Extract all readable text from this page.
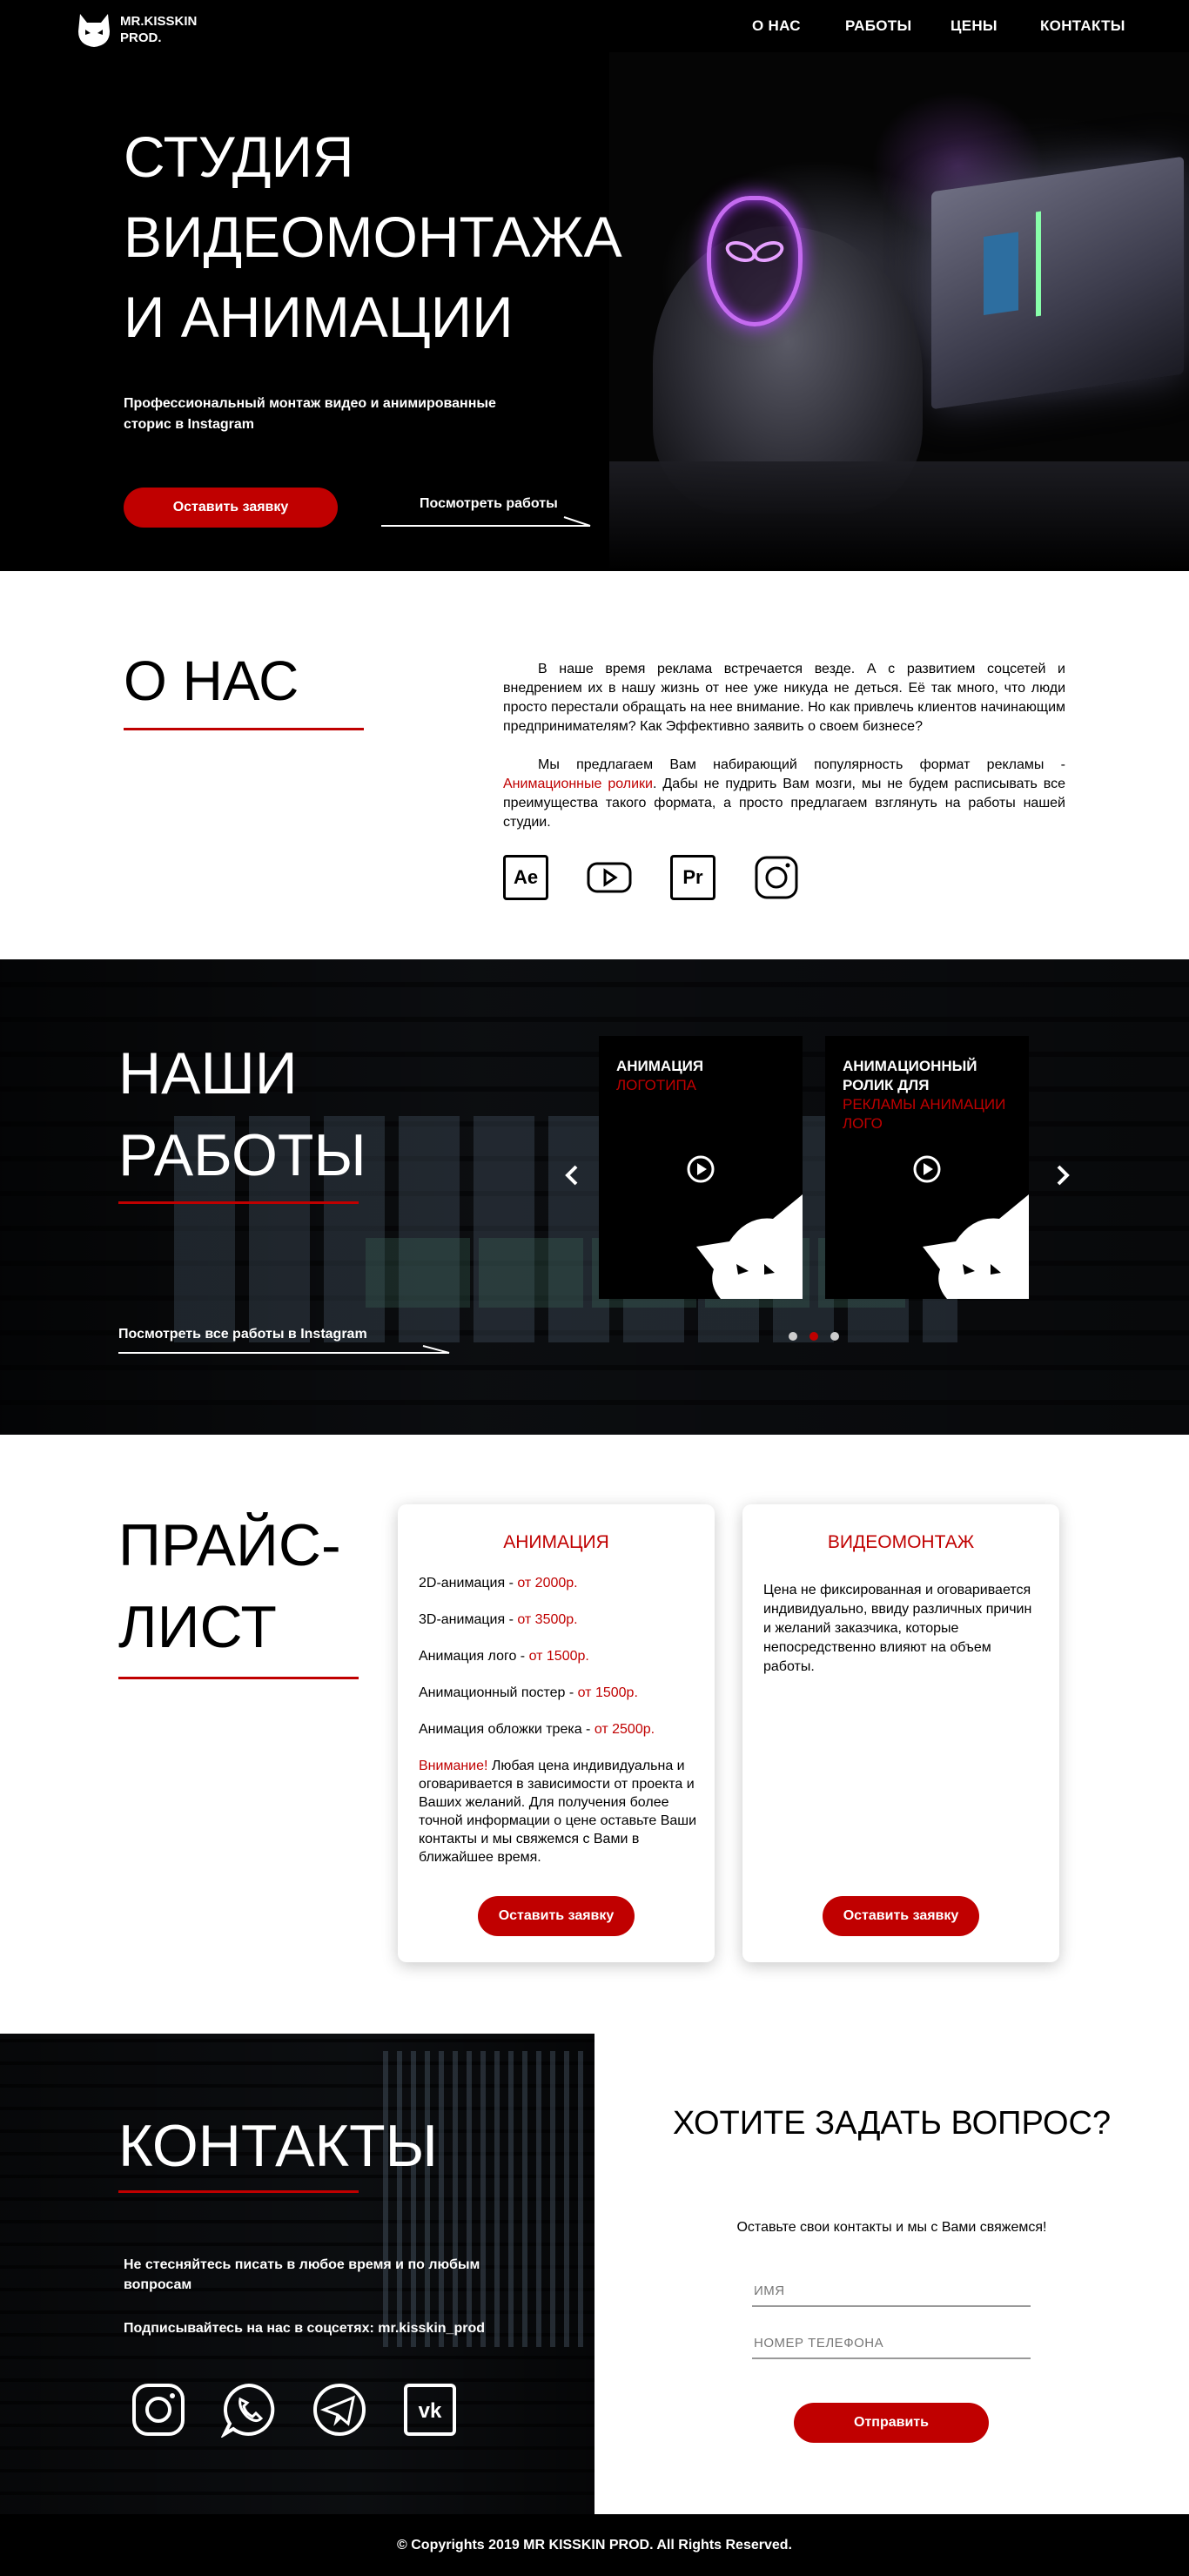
MR.KISSKIN PROD.
О НАС	РАБОТЫ	ЦЕНЫ	КОНТАКТЫ
СТУДИЯ
ВИДЕОМОНТАЖА
И АНИМАЦИИ
Профессиональный монтаж видео и анимированные сторис в Instagram
Оставить заявку	Посмотреть работы
О НАС	В наше время реклама встречается везде. А с развитием соцсетей и внедрением их в нашу жизнь от нее уже никуда не деться. Её так много, что люди просто перестали обращать на нее внимание. Но как привлечь клиентов начинающим предпринимателям? Как Эффективно заявить о своем бизнесе?

Мы предлагаем Вам набирающий популярность формат рекламы - Анимационные ролики. Дабы не пудрить Вам мозги, мы не будем расписывать все преимущества такого формата, а просто предлагаем взглянуть на работы нашей студии.

Ae	Pr
НАШИ
РАБОТЫ
Посмотреть все работы в Instagram
АНИМАЦИЯ
ЛОГОТИПА
АНИМАЦИОННЫЙ РОЛИК ДЛЯ
РЕКЛАМЫ АНИМАЦИИ ЛОГО
ПРАЙС-
ЛИСТ
АНИМАЦИЯ

2D-анимация - от 2000р.

3D-анимация - от 3500р.

Анимация лого - от 1500р.

Анимационный постер - от 1500р.

Анимация обложки трека - от 2500р.

Внимание! Любая цена индивидуальна и оговаривается в зависимости от проекта и Ваших желаний. Для получения более точной информации о цене оставьте Ваши контакты и мы свяжемся с Вами в ближайшее время.

Оставить заявку
ВИДЕОМОНТАЖ
Цена не фиксированная и оговаривается индивидуально, ввиду различных причин и желаний заказчика, которые непосредственно влияют на объем работы.
Оставить заявку
КОНТАКТЫ
Не стесняйтесь писать в любое время и по любым вопросам
Подписывайтесь на нас в соцсетях: mr.kisskin_prod
vk
ХОТИТЕ ЗАДАТЬ ВОПРОС?
Оставьте свои контакты и мы с Вами свяжемся!
ИМЯ
НОМЕР ТЕЛЕФОНА
Отправить
© Copyrights 2019 MR KISSKIN PROD. All Rights Reserved.
